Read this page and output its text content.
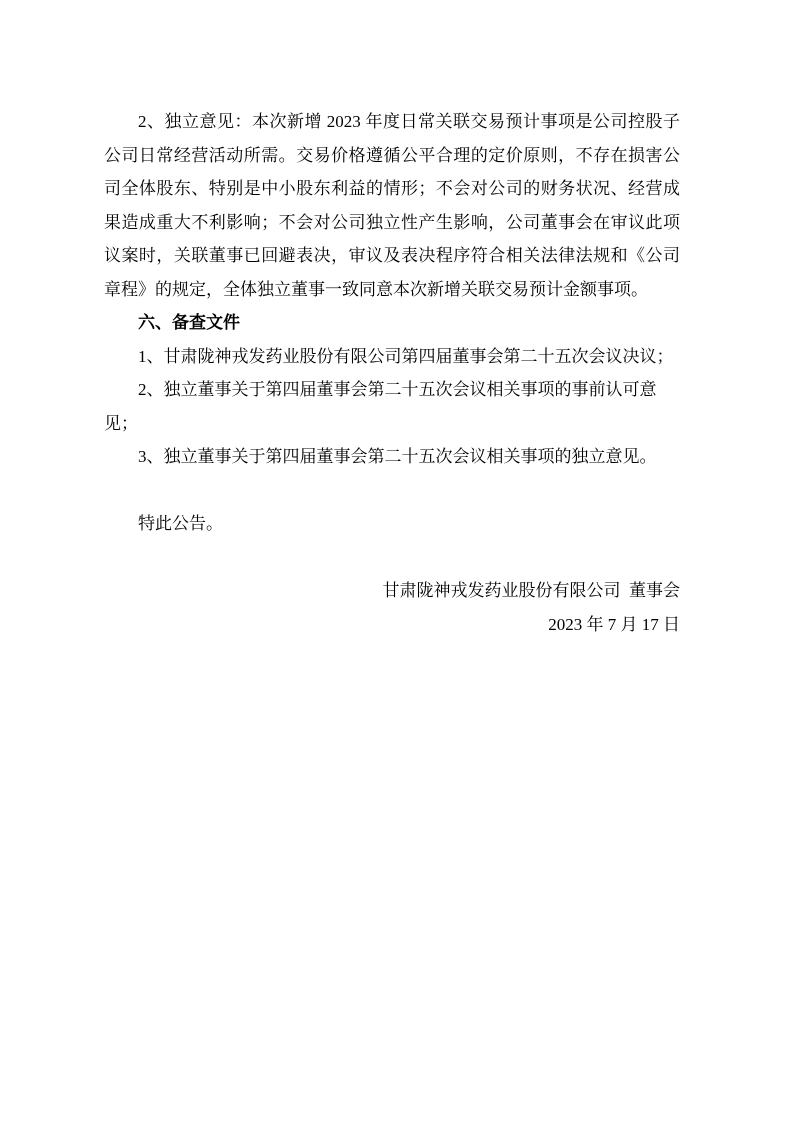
2、独立意见：本次新增 2023 年度日常关联交易预计事项是公司控股子公司日常经营活动所需。交易价格遵循公平合理的定价原则，不存在损害公司全体股东、特别是中小股东利益的情形；不会对公司的财务状况、经营成果造成重大不利影响；不会对公司独立性产生影响，公司董事会在审议此项议案时，关联董事已回避表决，审议及表决程序符合相关法律法规和《公司章程》的规定，全体独立董事一致同意本次新增关联交易预计金额事项。

六、备查文件

1、甘肃陇神戎发药业股份有限公司第四届董事会第二十五次会议决议；

2、独立董事关于第四届董事会第二十五次会议相关事项的事前认可意见；

3、独立董事关于第四届董事会第二十五次会议相关事项的独立意见。

特此公告。

甘肃陇神戎发药业股份有限公司  董事会

2023 年 7 月 17 日
